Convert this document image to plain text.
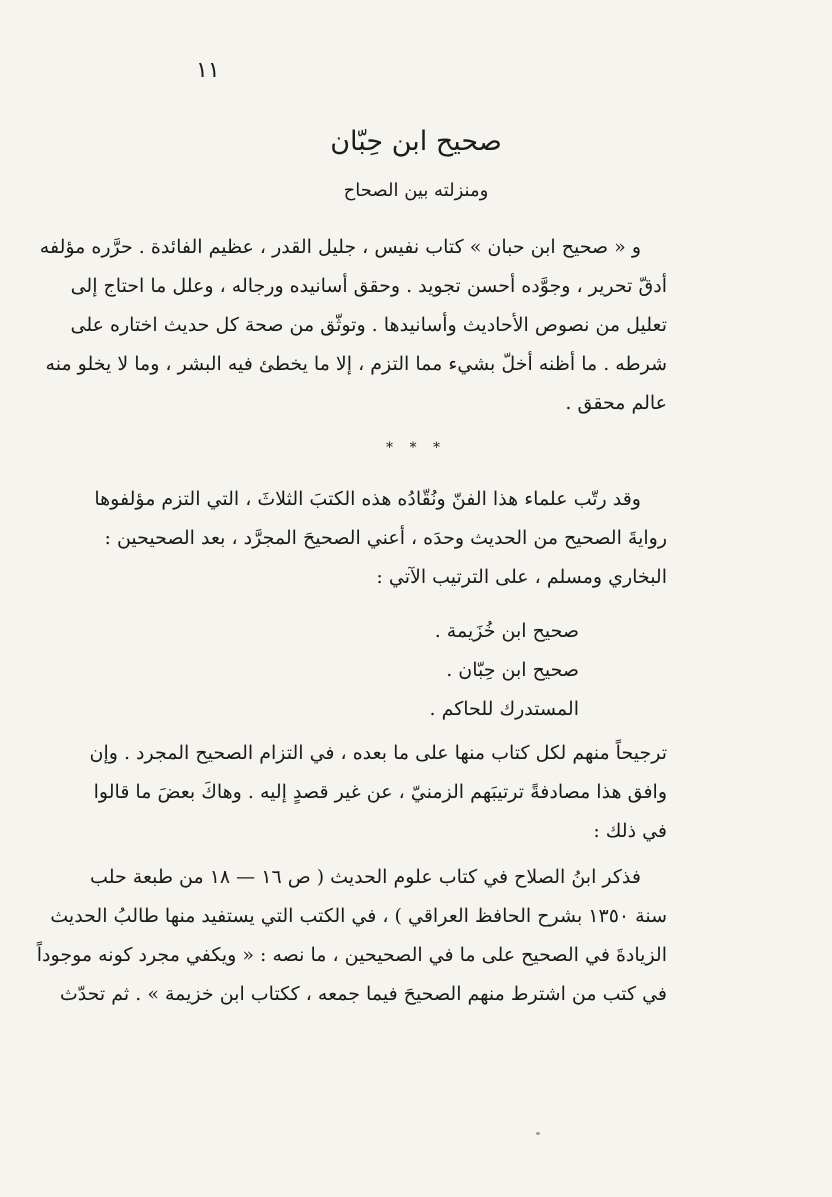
١١
صحيح ابن حِبّان
ومنزلته بين الصحاح
و « صحيح ابن حبان » كتاب نفيس ، جليل القدر ، عظيم الفائدة . حرَّره مؤلفه
أدقّ تحرير ، وجوَّده أحسن تجويد . وحقق أسانيده ورجاله ، وعلل ما احتاج إلى
تعليل من نصوص الأحاديث وأسانيدها . وتوثّق من صحة كل حديث اختاره على
شرطه . ما أظنه أخلّ بشيء مما التزم ، إلا ما يخطئ فيه البشر ، وما لا يخلو منه
عالم محقق .
* * *
وقد رتّب علماء هذا الفنّ ونُقّادُه هذه الكتبَ الثلاثَ ، التي التزم مؤلفوها
روايةَ الصحيح من الحديث وحدَه ، أعني الصحيحَ المجرَّد ، بعد الصحيحين :
البخاري ومسلم ، على الترتيب الآتي :
صحيح ابن خُزَيمة .
صحيح ابن حِبّان .
المستدرك للحاكم .
ترجيحاً منهم لكل كتاب منها على ما بعده ، في التزام الصحيح المجرد . وإن
وافق هذا مصادفةً ترتيبَهم الزمنيّ ، عن غير قصدٍ إليه . وهاكَ بعضَ ما قالوا
في ذلك :
فذكر ابنُ الصلاح في كتاب علوم الحديث ( ص ١٦ — ١٨ من طبعة حلب
سنة ١٣٥٠ بشرح الحافظ العراقي ) ، في الكتب التي يستفيد منها طالبُ الحديث
الزيادةَ في الصحيح على ما في الصحيحين ، ما نصه : « ويكفي مجرد كونه موجوداً
في كتب من اشترط منهم الصحيحَ فيما جمعه ، ككتاب ابن خزيمة » . ثم تحدّث
